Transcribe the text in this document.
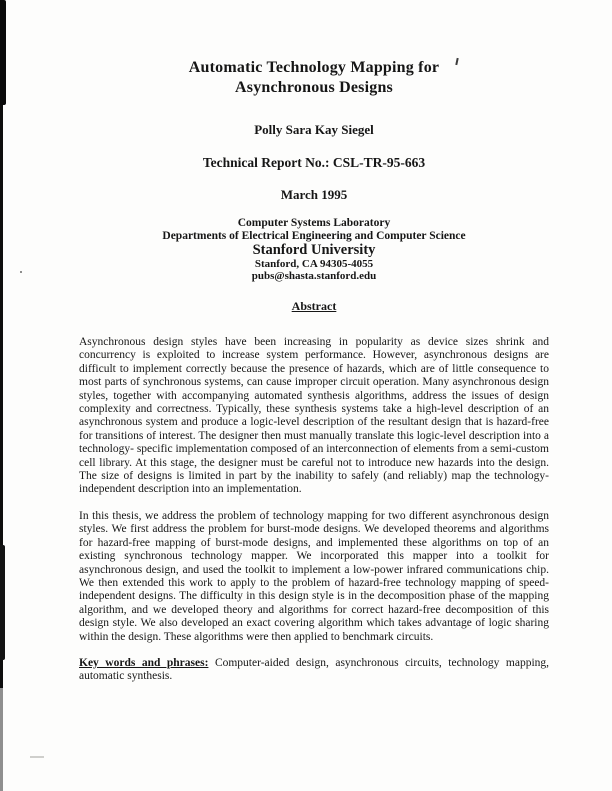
Automatic Technology Mapping for
Asynchronous Designs

Polly Sara Kay Siegel

Technical Report No.: CSL-TR-95-663

March 1995

Computer Systems Laboratory

Departments of Electrical Engineering and Computer Science

Stanford University

Stanford, CA 94305-4055

pubs@shasta.stanford.edu

Abstract

Asynchronous design styles have been increasing in popularity as device sizes shrink and concurrency is exploited to increase system performance. However, asynchronous designs are difficult to implement correctly because the presence of hazards, which are of little consequence to most parts of synchronous systems, can cause improper circuit operation. Many asynchronous design styles, together with accompanying automated synthesis algorithms, address the issues of design complexity and correctness. Typically, these synthesis systems take a high-level description of an asynchronous system and produce a logic-level description of the resultant design that is hazard-free for transitions of interest. The designer then must manually translate this logic-level description into a technology- specific implementation composed of an interconnection of elements from a semi-custom cell library. At this stage, the designer must be careful not to introduce new hazards into the design. The size of designs is limited in part by the inability to safely (and reliably) map the technology-independent description into an implementation.

In this thesis, we address the problem of technology mapping for two different asynchronous design styles. We first address the problem for burst-mode designs. We developed theorems and algorithms for hazard-free mapping of burst-mode designs, and implemented these algorithms on top of an existing synchronous technology mapper. We incorporated this mapper into a toolkit for asynchronous design, and used the toolkit to implement a low-power infrared communications chip. We then extended this work to apply to the problem of hazard-free technology mapping of speed-independent designs. The difficulty in this design style is in the decomposition phase of the mapping algorithm, and we developed theory and algorithms for correct hazard-free decomposition of this design style. We also developed an exact covering algorithm which takes advantage of logic sharing within the design. These algorithms were then applied to benchmark circuits.

Key words and phrases: Computer-aided design, asynchronous circuits, technology mapping, automatic synthesis.
